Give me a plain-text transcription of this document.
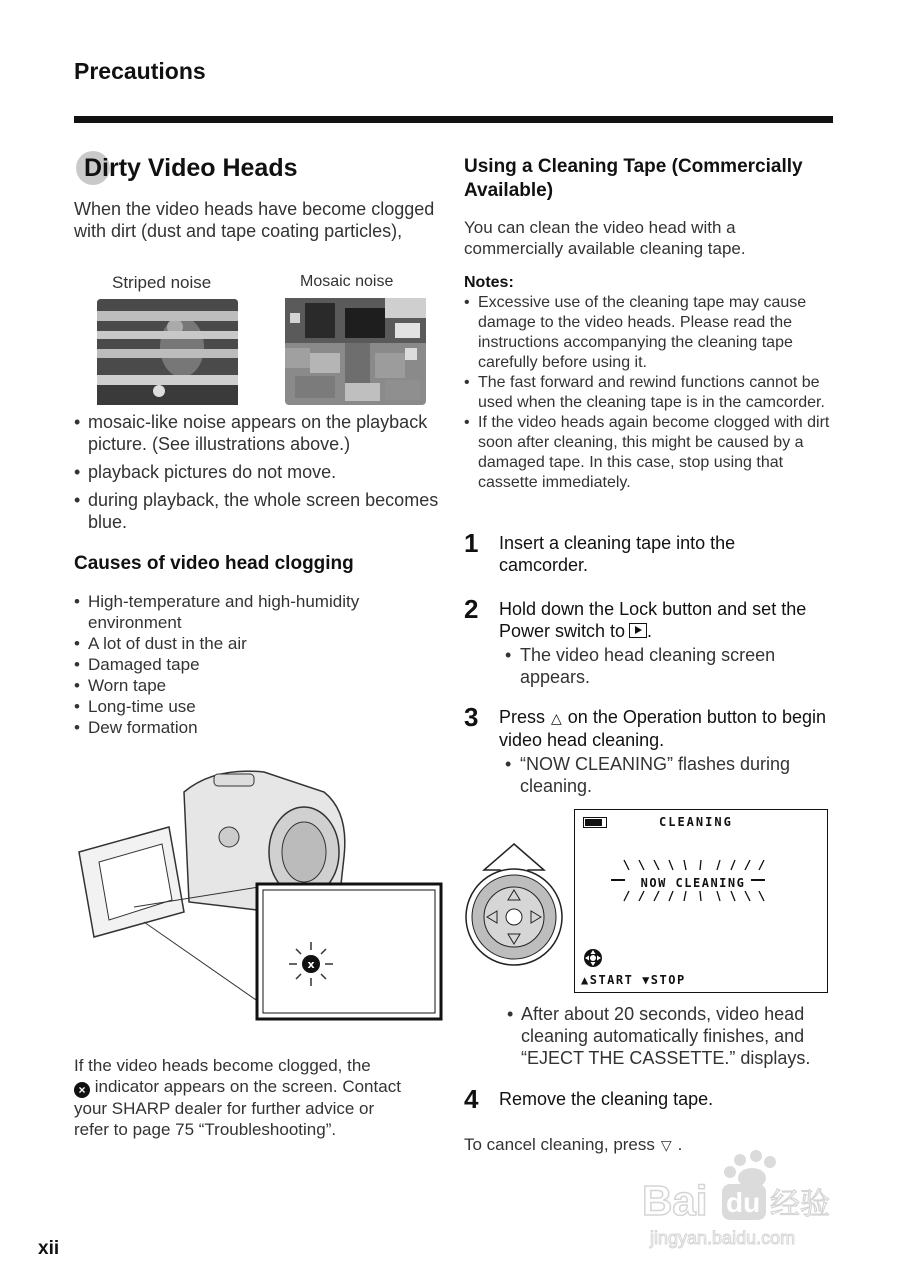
Precautions
Dirty Video Heads
When the video heads have become clogged with dirt (dust and tape coating particles),
Striped noise	Mosaic noise
• mosaic-like noise appears on the playback picture. (See illustrations above.)
• playback pictures do not move.
• during playback, the whole screen becomes blue.
Causes of video head clogging
• High-temperature and high-humidity environment
• A lot of dust in the air
• Damaged tape
• Worn tape
• Long-time use
• Dew formation
x
If the video heads become clogged, the
× indicator appears on the screen. Contact
your SHARP dealer for further advice or
refer to page 75 “Troubleshooting”.
Using a Cleaning Tape (Commercially Available)
You can clean the video head with a commercially available cleaning tape.
Notes:
• Excessive use of the cleaning tape may cause damage to the video heads. Please read the instructions accompanying the cleaning tape carefully before using it.
• The fast forward and rewind functions cannot be used when the cleaning tape is in the camcorder.
• If the video heads again become clogged with dirt soon after cleaning, this might be caused by a damaged tape. In this case, stop using that cassette immediately.
1 Insert a cleaning tape into the camcorder.
2 Hold down the Lock button and set the Power switch to .
• The video head cleaning screen appears.
3 Press △ on the Operation button to begin video head cleaning.
• “NOW CLEANING” flashes during cleaning.
CLEANING
NOW CLEANING
▲START ▼STOP
• After about 20 seconds, video head cleaning automatically finishes, and “EJECT THE CASSETTE.” displays.
4 Remove the cleaning tape.
To cancel cleaning, press ▽ .
Bai du 经验
jingyan.baidu.com
xii
